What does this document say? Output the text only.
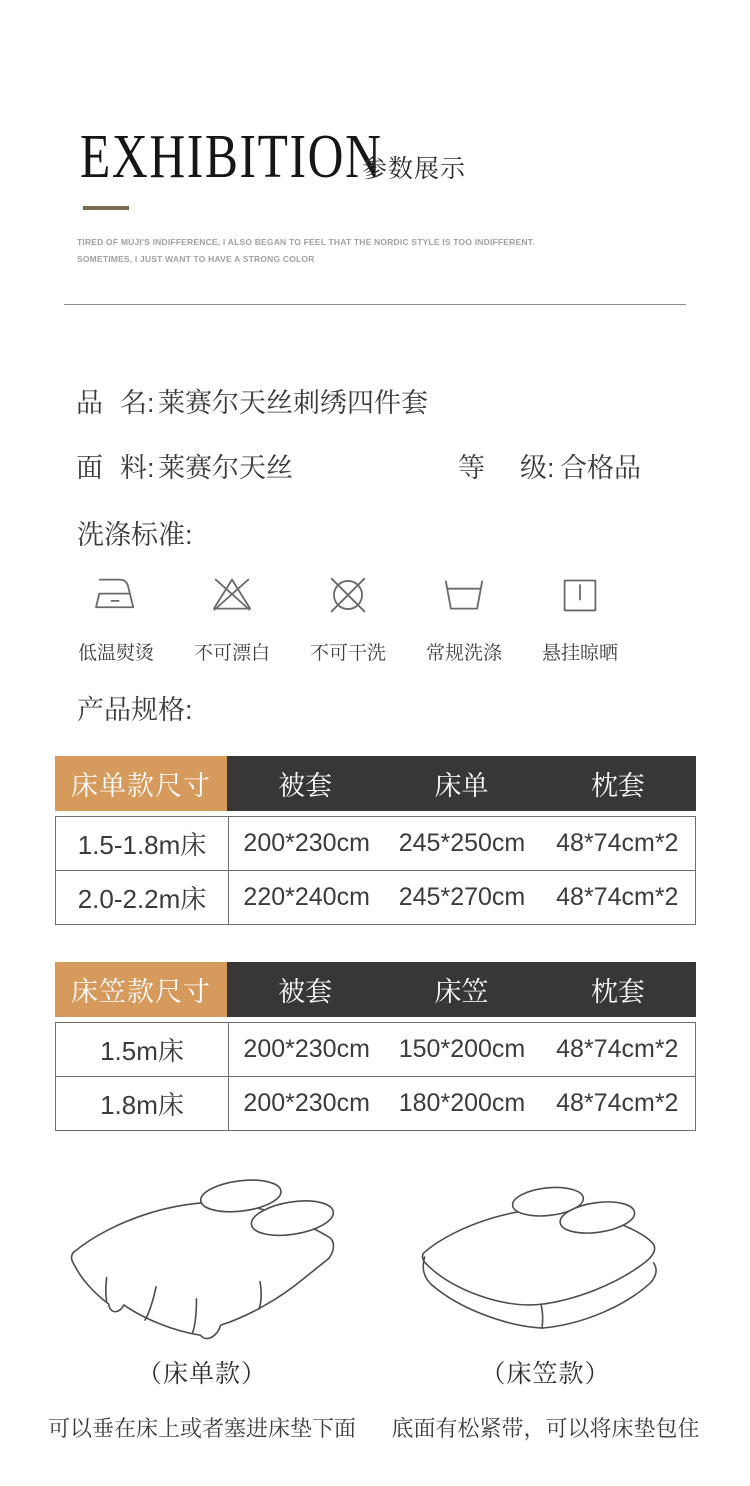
EXHIBITION
参数展示
TIRED OF MUJI'S INDIFFERENCE, I ALSO BEGAN TO FEEL THAT THE NORDIC STYLE IS TOO INDIFFERENT.
SOMETIMES, I JUST WANT TO HAVE A STRONG COLOR
品 名: 莱赛尔天丝刺绣四件套
面 料: 莱赛尔天丝	等 级: 合格品
洗涤标准:
低温熨烫 不可漂白 不可干洗 常规洗涤 悬挂晾晒
产品规格:
床单款尺寸	被套	床单	枕套
1.5-1.8m床	200*230cm	245*250cm	48*74cm*2
2.0-2.2m床	220*240cm	245*270cm	48*74cm*2
床笠款尺寸	被套	床笠	枕套
1.5m床	200*230cm	150*200cm	48*74cm*2
1.8m床	200*230cm	180*200cm	48*74cm*2
（床单款）
可以垂在床上或者塞进床垫下面
（床笠款）
底面有松紧带，可以将床垫包住
